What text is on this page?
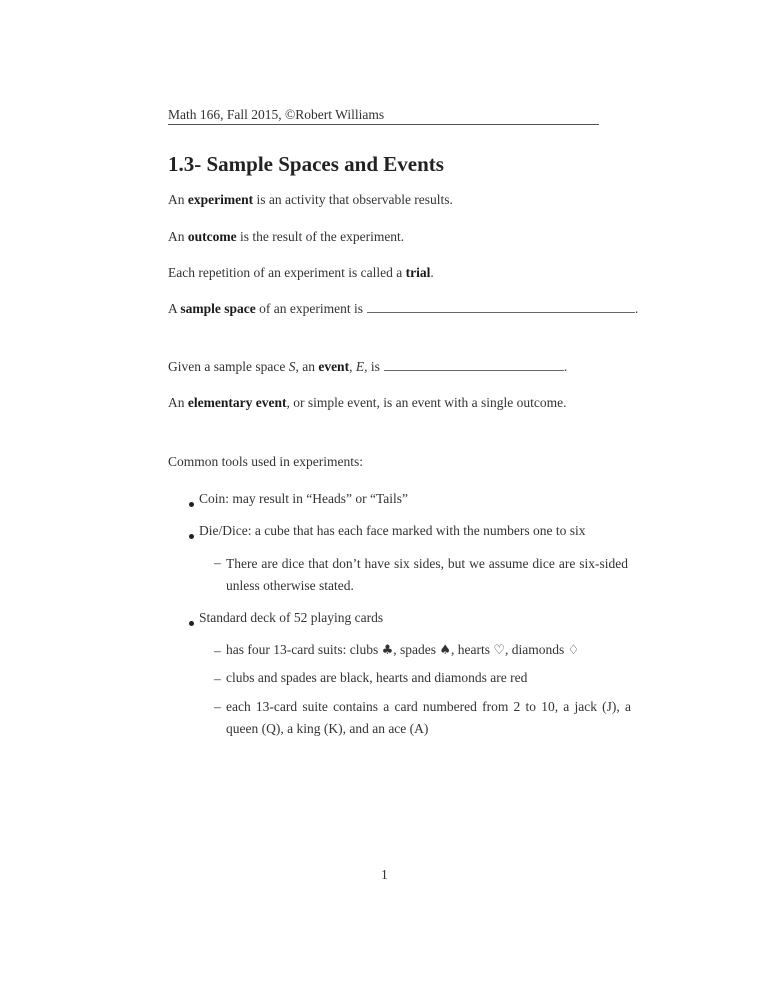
Math 166, Fall 2015, ©Robert Williams
1.3- Sample Spaces and Events
An experiment is an activity that observable results.
An outcome is the result of the experiment.
Each repetition of an experiment is called a trial.
A sample space of an experiment is	.
Given a sample space S, an event, E, is	.
An elementary event, or simple event, is an event with a single outcome.
Common tools used in experiments:
Coin: may result in “Heads” or “Tails”
Die/Dice: a cube that has each face marked with the numbers one to six
– There are dice that don’t have six sides, but we assume dice are six-sided unless otherwise stated.
Standard deck of 52 playing cards
– has four 13-card suits: clubs ♣, spades ♠, hearts ♡, diamonds ♢
– clubs and spades are black, hearts and diamonds are red
– each 13-card suite contains a card numbered from 2 to 10, a jack (J), a queen (Q), a king (K), and an ace (A)
1
